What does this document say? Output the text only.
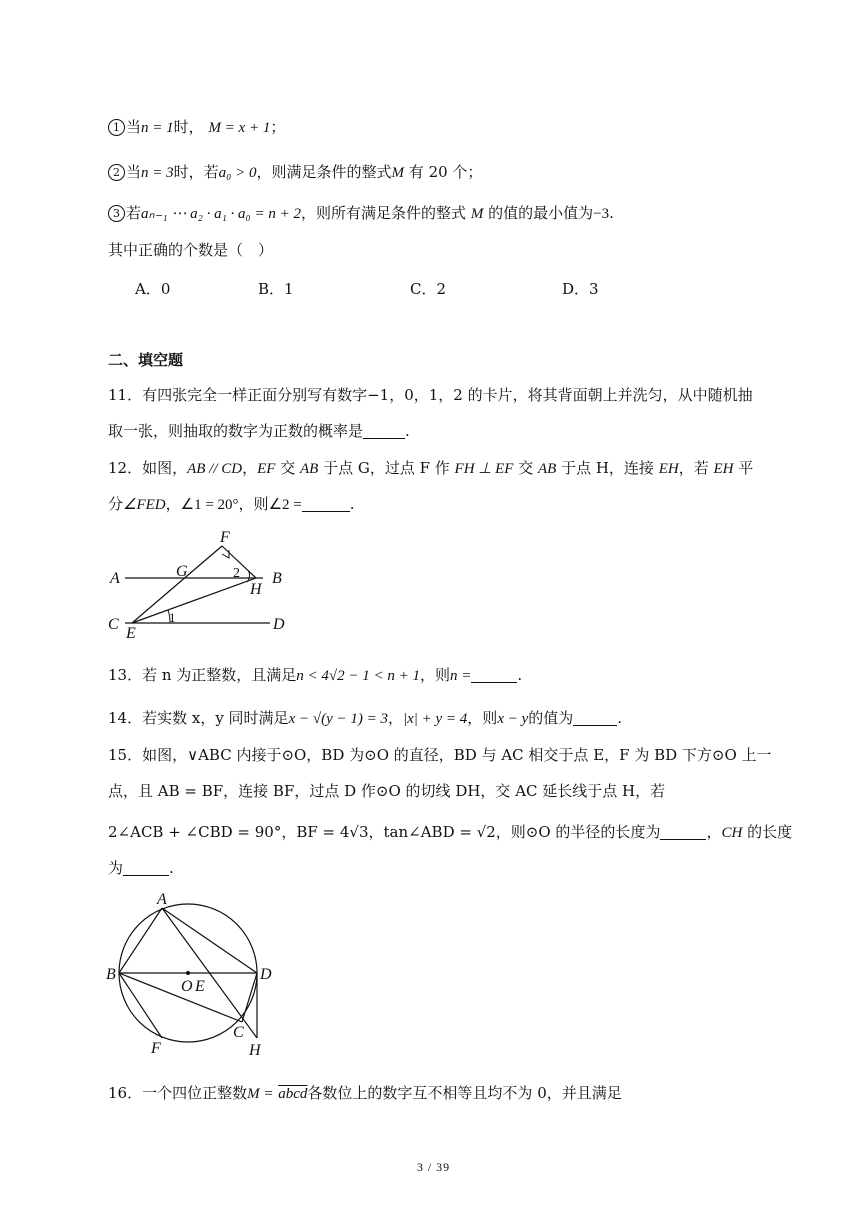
1 当n = 1时， M = x + 1；
2 当n = 3时，若a₀ > 0，则满足条件的整式M 有 20 个；
3 若aₙ₋₁ ⋯ a₂ · a₁ · a₀ = n + 2，则所有满足条件的整式 M 的值的最小值为−3.
其中正确的个数是（　）
A．0	B．1	C．2	D．3
二、填空题
11．有四张完全一样正面分别写有数字−1，0，1，2 的卡片，将其背面朝上并洗匀，从中随机抽
取一张，则抽取的数字为正数的概率是	.
12．如图，AB // CD，EF 交 AB 于点 G，过点 F 作 FH ⊥ EF 交 AB 于点 H，连接 EH，若 EH 平
分∠FED，∠1 = 20°，则∠2 =	.
F
G	2 B
A
H
C
E
1	D
13．若 n 为正整数，且满足n < 4√2 − 1 < n + 1，则n =	.
14．若实数 x，y 同时满足x − √(y − 1) = 3，|x| + y = 4，则x − y的值为	.
15．如图，∨ABC 内接于⊙O，BD 为⊙O 的直径，BD 与 AC 相交于点 E，F 为 BD 下方⊙O 上一
点，且 AB = BF，连接 BF，过点 D 作⊙O 的切线 DH，交 AC 延长线于点 H，若
2∠ACB + ∠CBD = 90°，BF = 4√3，tan∠ABD = √2，则⊙O 的半径的长度为	，CH 的长度
为	.
A
B
O E
D
C
F	H
16．一个四位正整数M = abcd各数位上的数字互不相等且均不为 0，并且满足
3 / 39
